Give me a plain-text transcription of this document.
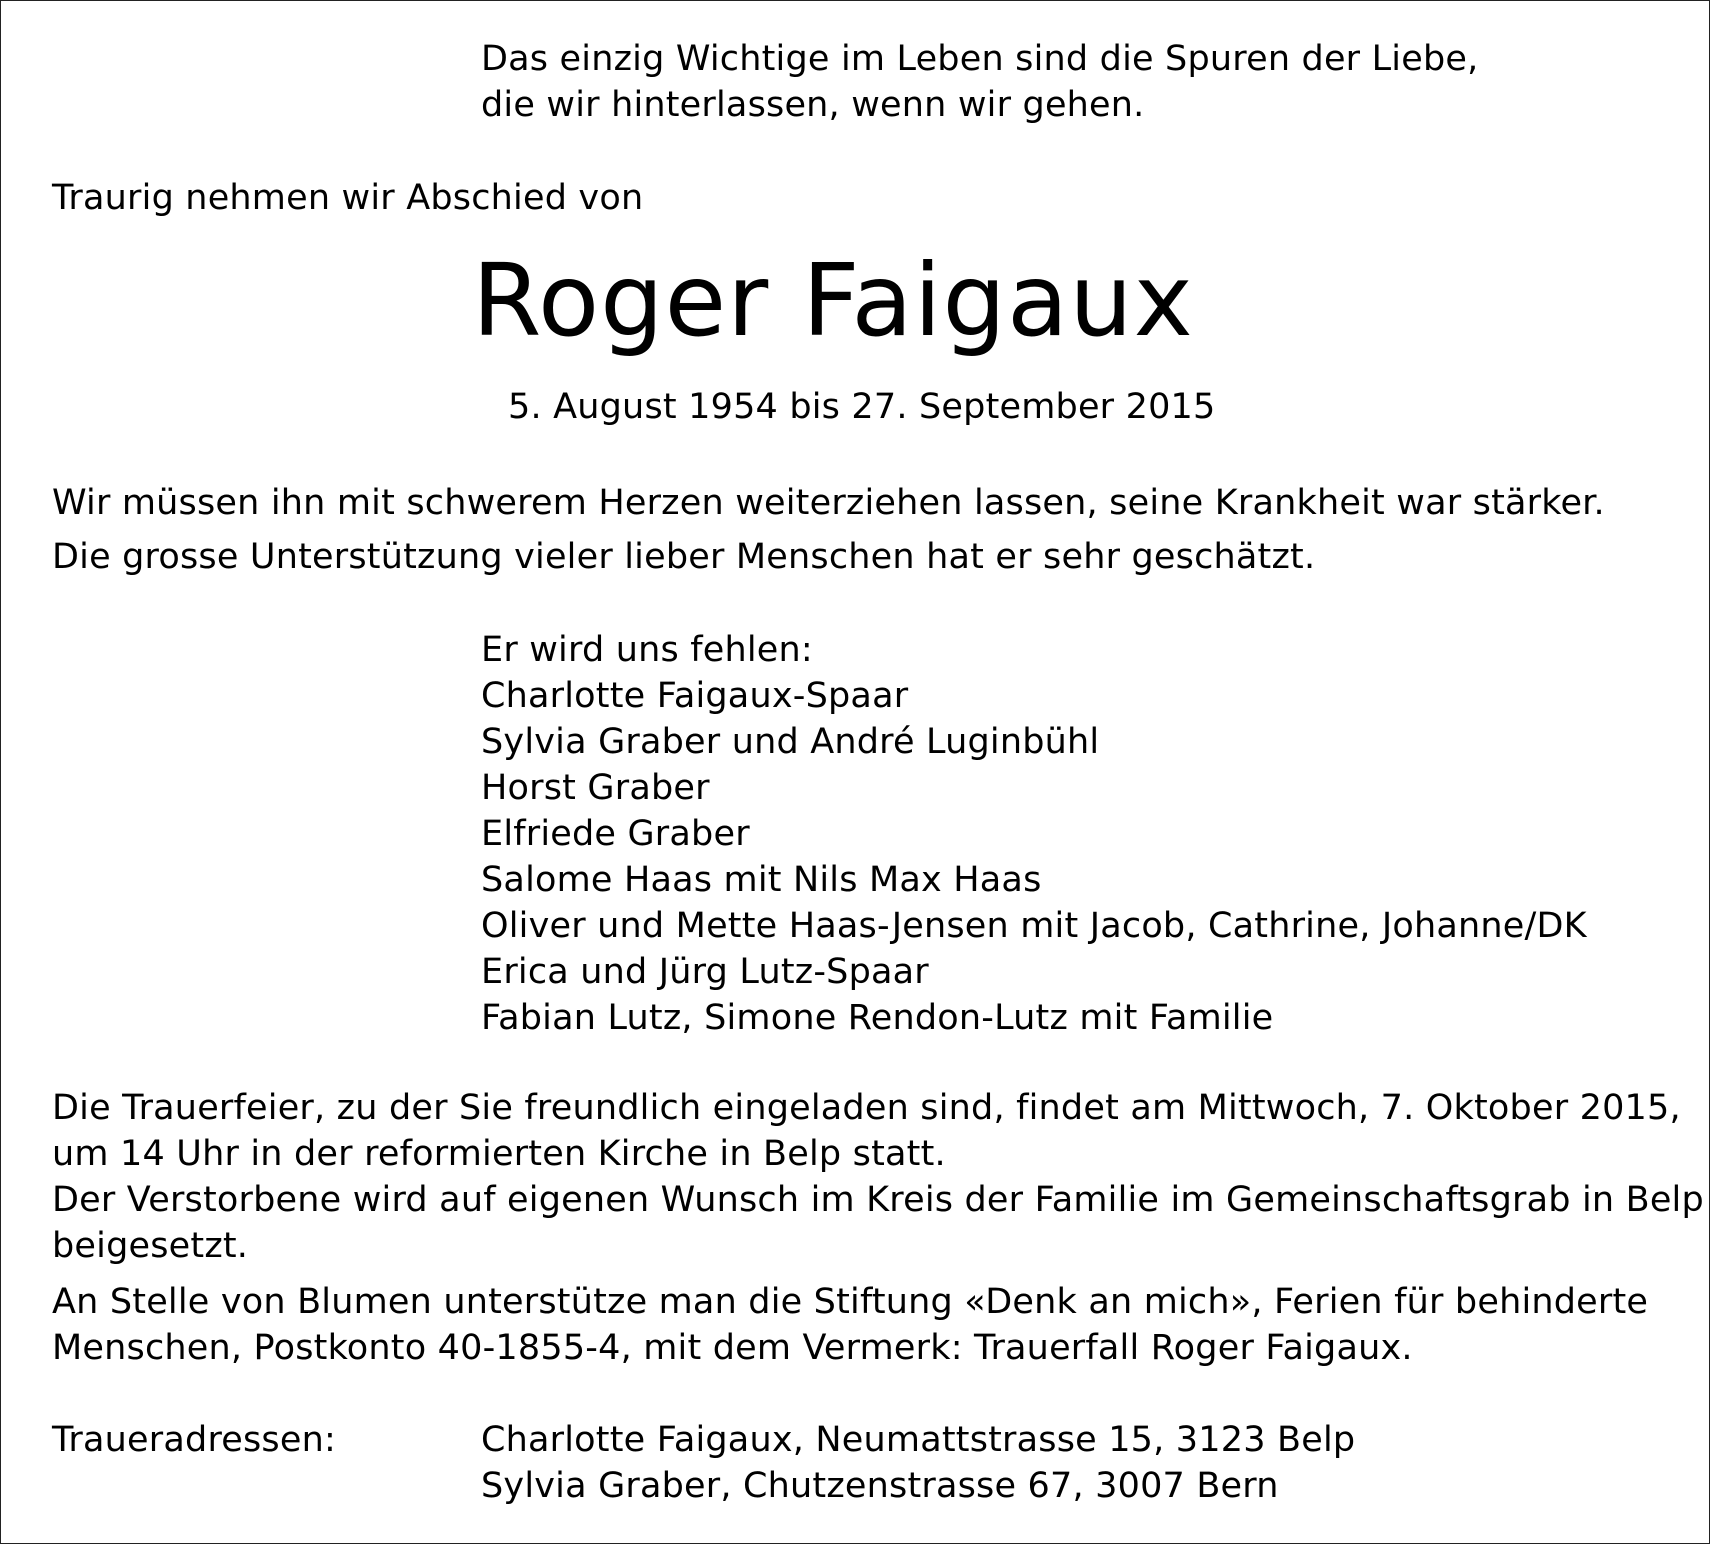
Das einzig Wichtige im Leben sind die Spuren der Liebe,
die wir hinterlassen, wenn wir gehen.
Traurig nehmen wir Abschied von
Roger Faigaux
5. August 1954 bis 27. September 2015
Wir müssen ihn mit schwerem Herzen weiterziehen lassen, seine Krankheit war stärker.
Die grosse Unterstützung vieler lieber Menschen hat er sehr geschätzt.
Er wird uns fehlen:
Charlotte Faigaux-Spaar
Sylvia Graber und André Luginbühl
Horst Graber
Elfriede Graber
Salome Haas mit Nils Max Haas
Oliver und Mette Haas-Jensen mit Jacob, Cathrine, Johanne/DK
Erica und Jürg Lutz-Spaar
Fabian Lutz, Simone Rendon-Lutz mit Familie
Die Trauerfeier, zu der Sie freundlich eingeladen sind, findet am Mittwoch, 7. Oktober 2015,
um 14 Uhr in der reformierten Kirche in Belp statt.
Der Verstorbene wird auf eigenen Wunsch im Kreis der Familie im Gemeinschaftsgrab in Belp
beigesetzt.
An Stelle von Blumen unterstütze man die Stiftung «Denk an mich», Ferien für behinderte
Menschen, Postkonto 40-1855-4, mit dem Vermerk: Trauerfall Roger Faigaux.
Traueradressen:	Charlotte Faigaux, Neumattstrasse 15, 3123 Belp
Sylvia Graber, Chutzenstrasse 67, 3007 Bern
